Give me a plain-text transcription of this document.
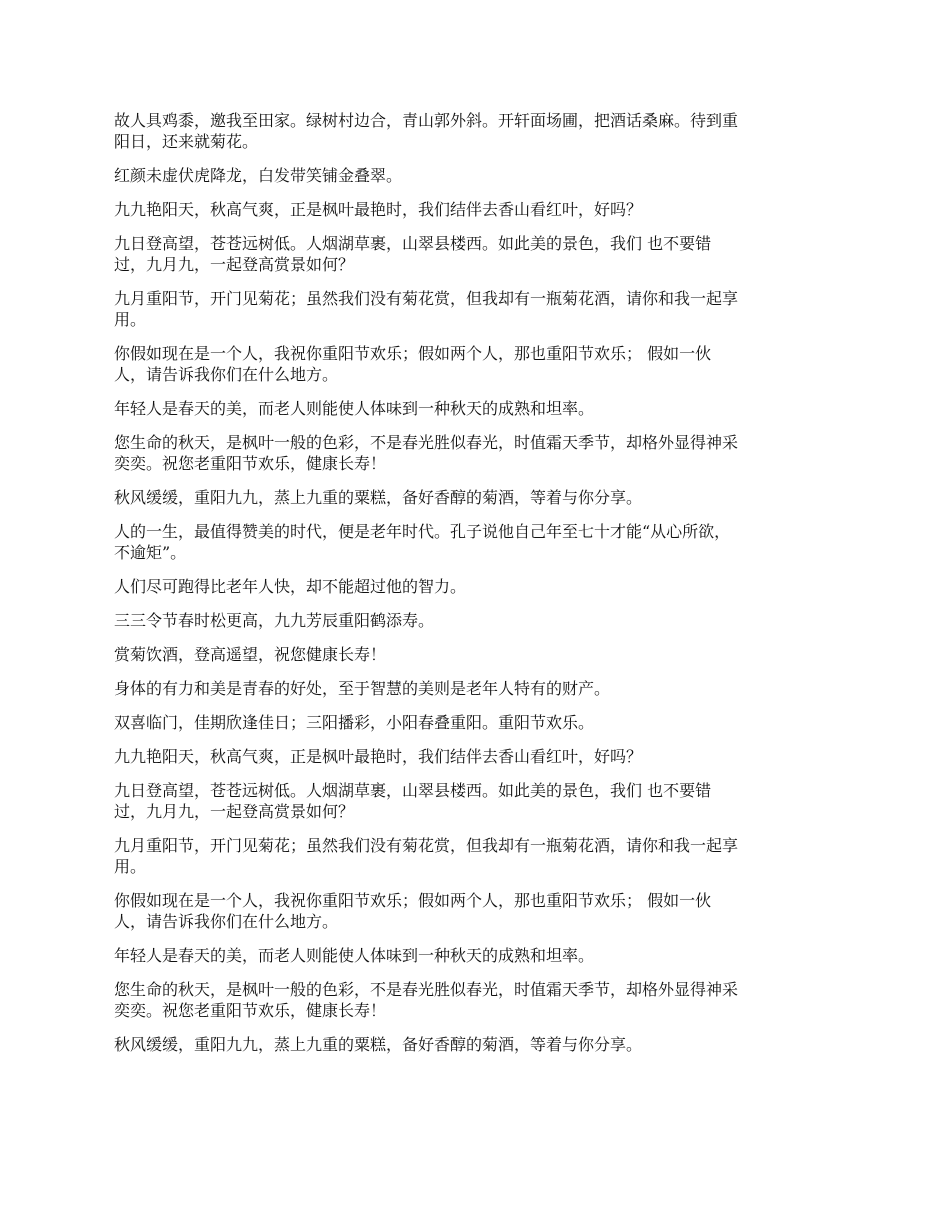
故人具鸡黍，邀我至田家。绿树村边合，青山郭外斜。开轩面场圃，把酒话桑麻。待到重
阳日，还来就菊花。

红颜未虚伏虎降龙，白发带笑铺金叠翠。

九九艳阳天，秋高气爽，正是枫叶最艳时，我们结伴去香山看红叶，好吗？

九日登高望，苍苍远树低。人烟湖草裹，山翠县楼西。如此美的景色，我们 也不要错
过，九月九，一起登高赏景如何？

九月重阳节，开门见菊花；虽然我们没有菊花赏，但我却有一瓶菊花酒，请你和我一起享
用。

你假如现在是一个人，我祝你重阳节欢乐；假如两个人，那也重阳节欢乐； 假如一伙
人，请告诉我你们在什么地方。

年轻人是春天的美，而老人则能使人体味到一种秋天的成熟和坦率。

您生命的秋天，是枫叶一般的色彩，不是春光胜似春光，时值霜天季节，却格外显得神采
奕奕。祝您老重阳节欢乐，健康长寿！

秋风缓缓，重阳九九，蒸上九重的粟糕，备好香醇的菊酒，等着与你分享。

人的一生，最值得赞美的时代，便是老年时代。孔子说他自己年至七十才能“从心所欲，
不逾矩”。

人们尽可跑得比老年人快，却不能超过他的智力。

三三令节春时松更高，九九芳辰重阳鹤添寿。

赏菊饮酒，登高遥望，祝您健康长寿！

身体的有力和美是青春的好处，至于智慧的美则是老年人特有的财产。

双喜临门，佳期欣逢佳日；三阳播彩，小阳春叠重阳。重阳节欢乐。

九九艳阳天，秋高气爽，正是枫叶最艳时，我们结伴去香山看红叶，好吗？

九日登高望，苍苍远树低。人烟湖草裹，山翠县楼西。如此美的景色，我们 也不要错
过，九月九，一起登高赏景如何？

九月重阳节，开门见菊花；虽然我们没有菊花赏，但我却有一瓶菊花酒，请你和我一起享
用。

你假如现在是一个人，我祝你重阳节欢乐；假如两个人，那也重阳节欢乐； 假如一伙
人，请告诉我你们在什么地方。

年轻人是春天的美，而老人则能使人体味到一种秋天的成熟和坦率。

您生命的秋天，是枫叶一般的色彩，不是春光胜似春光，时值霜天季节，却格外显得神采
奕奕。祝您老重阳节欢乐，健康长寿！

秋风缓缓，重阳九九，蒸上九重的粟糕，备好香醇的菊酒，等着与你分享。
